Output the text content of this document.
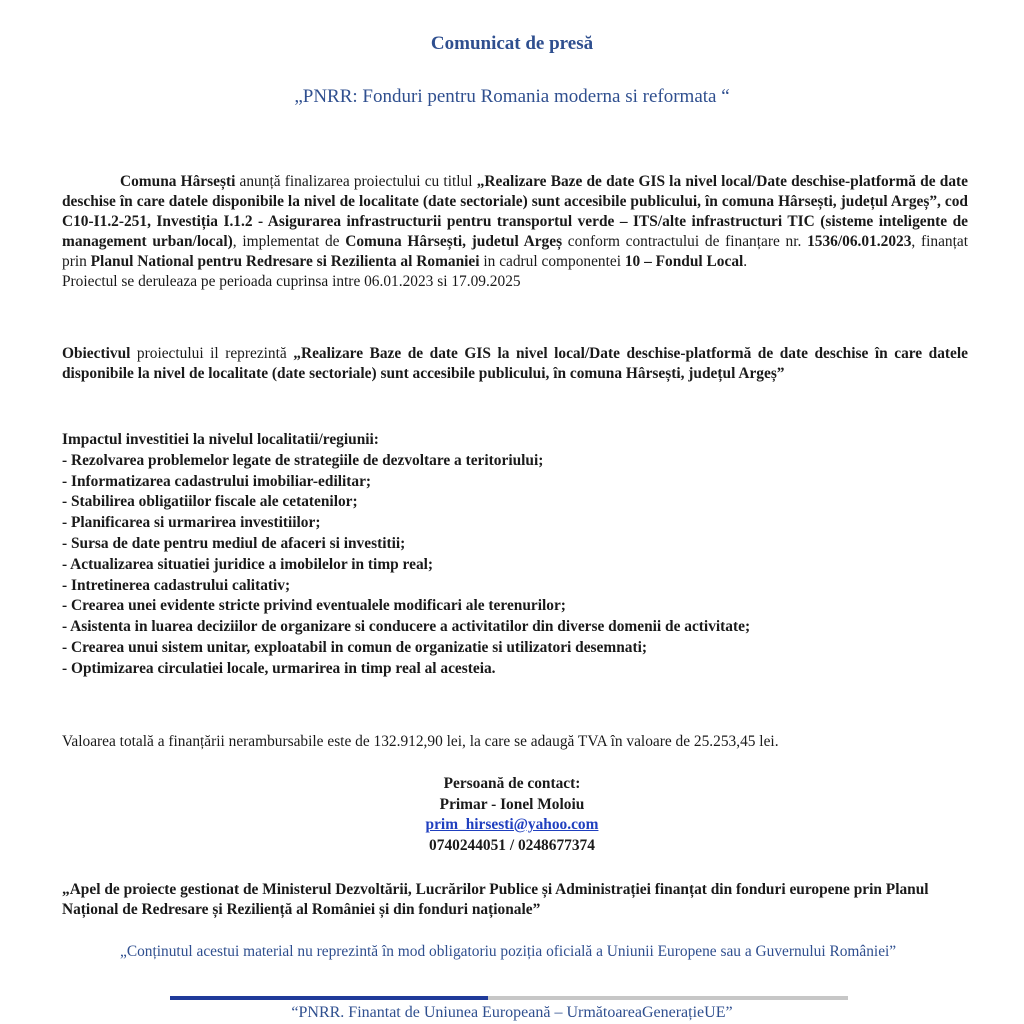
Comunicat de presă
„PNRR: Fonduri pentru Romania moderna si reformata “
Comuna Hârsești anunță finalizarea proiectului cu titlul „Realizare Baze de date GIS la nivel local/Date deschise-platformă de date deschise în care datele disponibile la nivel de localitate (date sectoriale) sunt accesibile publicului, în comuna Hârsești, județul Argeș”, cod C10-I1.2-251, Investiția I.1.2 - Asigurarea infrastructurii pentru transportul verde – ITS/alte infrastructuri TIC (sisteme inteligente de management urban/local), implementat de Comuna Hârsești, judetul Argeș conform contractului de finanțare nr. 1536/06.01.2023, finanțat prin Planul National pentru Redresare si Rezilienta al Romaniei in cadrul componentei 10 – Fondul Local.
Proiectul se deruleaza pe perioada cuprinsa intre 06.01.2023 si 17.09.2025
Obiectivul proiectului il reprezintă „Realizare Baze de date GIS la nivel local/Date deschise-platformă de date deschise în care datele disponibile la nivel de localitate (date sectoriale) sunt accesibile publicului, în comuna Hârsești, județul Argeș”
Impactul investitiei la nivelul localitatii/regiunii:
- Rezolvarea problemelor legate de strategiile de dezvoltare a teritoriului;
- Informatizarea cadastrului imobiliar-edilitar;
- Stabilirea obligatiilor fiscale ale cetatenilor;
- Planificarea si urmarirea investitiilor;
- Sursa de date pentru mediul de afaceri si investitii;
- Actualizarea situatiei juridice a imobilelor in timp real;
- Intretinerea cadastrului calitativ;
- Crearea unei evidente stricte privind eventualele modificari ale terenurilor;
- Asistenta in luarea deciziilor de organizare si conducere a activitatilor din diverse domenii de activitate;
- Crearea unui sistem unitar, exploatabil in comun de organizatie si utilizatori desemnati;
- Optimizarea circulatiei locale, urmarirea in timp real al acesteia.
Valoarea totală a finanțării nerambursabile este de 132.912,90 lei, la care se adaugă TVA în valoare de 25.253,45 lei.
Persoană de contact:
Primar - Ionel Moloiu
prim_hirsesti@yahoo.com
0740244051 / 0248677374
„Apel de proiecte gestionat de Ministerul Dezvoltării, Lucrărilor Publice și Administrației finanțat din fonduri europene prin Planul Național de Redresare și Reziliență al României și din fonduri naționale”
„Conținutul acestui material nu reprezintă în mod obligatoriu poziția oficială a Uniunii Europene sau a Guvernului României”
“PNRR. Finantat de Uniunea Europeană – UrmătoareaGenerațieUE”
